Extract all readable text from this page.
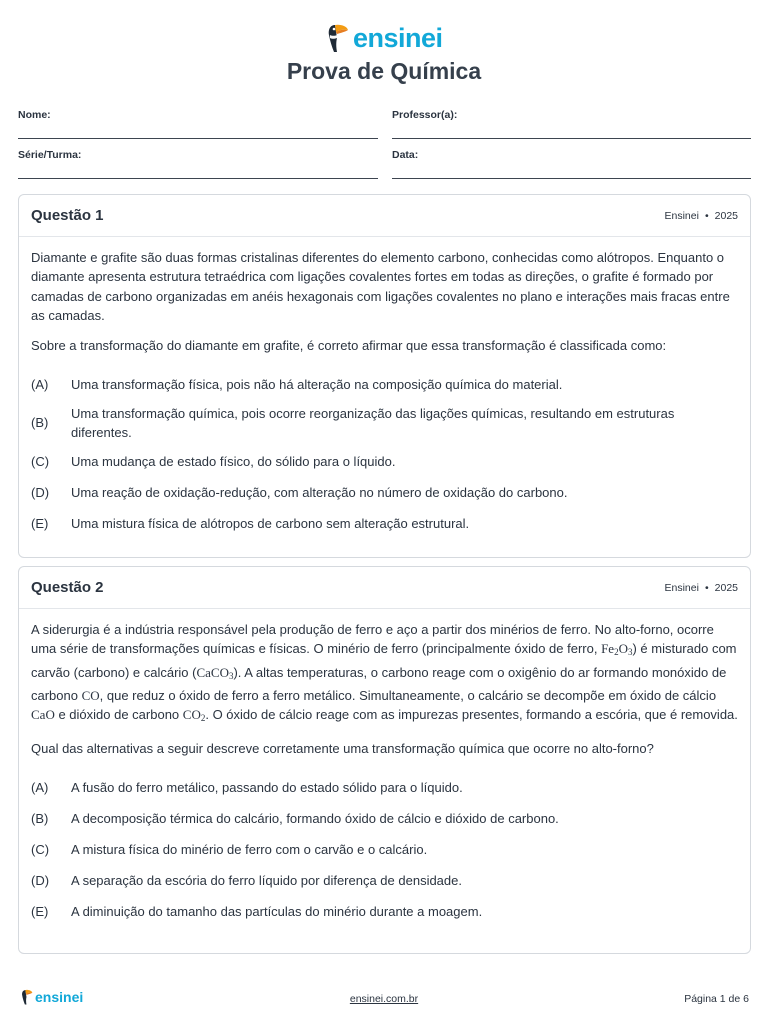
ensinei
Prova de Química
Nome:	Professor(a):
Série/Turma:	Data:
Questão 1	Ensinei • 2025

Diamante e grafite são duas formas cristalinas diferentes do elemento carbono, conhecidas como alótropos. Enquanto o diamante apresenta estrutura tetraédrica com ligações covalentes fortes em todas as direções, o grafite é formado por camadas de carbono organizadas em anéis hexagonais com ligações covalentes no plano e interações mais fracas entre as camadas.

Sobre a transformação do diamante em grafite, é correto afirmar que essa transformação é classificada como:

(A)	Uma transformação física, pois não há alteração na composição química do material.
(B)
Uma transformação química, pois ocorre reorganização das ligações químicas, resultando em estruturas diferentes.
(C)	Uma mudança de estado físico, do sólido para o líquido.
(D)	Uma reação de oxidação-redução, com alteração no número de oxidação do carbono.
(E)	Uma mistura física de alótropos de carbono sem alteração estrutural.
Questão 2	Ensinei • 2025

A siderurgia é a indústria responsável pela produção de ferro e aço a partir dos minérios de ferro. No alto-forno, ocorre uma série de transformações químicas e físicas. O minério de ferro (principalmente óxido de ferro, $Fe_2O_3$) é misturado com carvão (carbono) e calcário (CaCO$_3$). A altas temperaturas, o carbono reage com o oxigênio do ar formando monóxido de carbono CO, que reduz o óxido de ferro a ferro metálico. Simultaneamente, o calcário se decompõe em óxido de cálcio CaO e dióxido de carbono $CO_2$. O óxido de cálcio reage com as impurezas presentes, formando a escória, que é removida.

Qual das alternativas a seguir descreve corretamente uma transformação química que ocorre no alto-forno?

(A)	A fusão do ferro metálico, passando do estado sólido para o líquido.
(B)	A decomposição térmica do calcário, formando óxido de cálcio e dióxido de carbono.
(C)	A mistura física do minério de ferro com o carvão e o calcário.
(D)	A separação da escória do ferro líquido por diferença de densidade.
(E)	A diminuição do tamanho das partículas do minério durante a moagem.
ensinei	ensinei.com.br	Página 1 de 6
